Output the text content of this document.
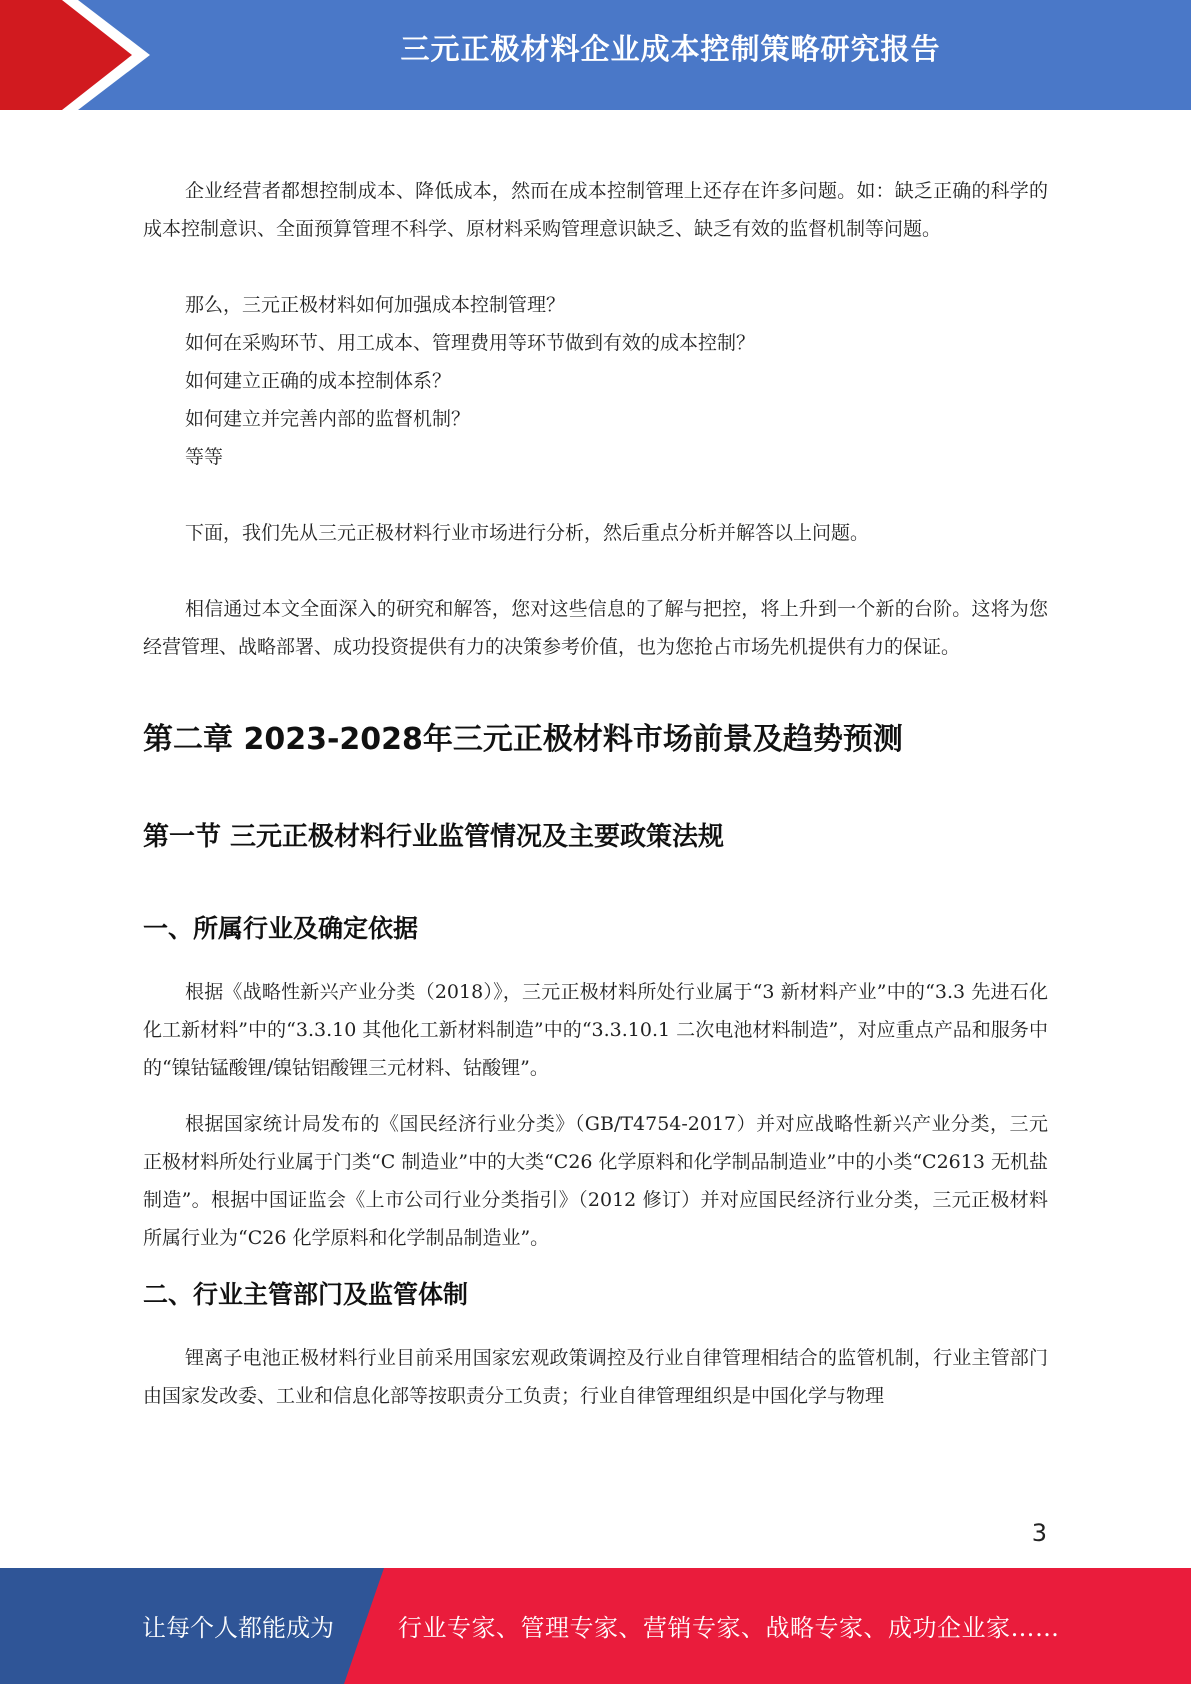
三元正极材料企业成本控制策略研究报告

企业经营者都想控制成本、降低成本，然而在成本控制管理上还存在许多问题。如：缺乏正确的科学的成本控制意识、全面预算管理不科学、原材料采购管理意识缺乏、缺乏有效的监督机制等问题。

那么，三元正极材料如何加强成本控制管理？

如何在采购环节、用工成本、管理费用等环节做到有效的成本控制？

如何建立正确的成本控制体系？

如何建立并完善内部的监督机制？

等等

下面，我们先从三元正极材料行业市场进行分析，然后重点分析并解答以上问题。

相信通过本文全面深入的研究和解答，您对这些信息的了解与把控，将上升到一个新的台阶。这将为您经营管理、战略部署、成功投资提供有力的决策参考价值，也为您抢占市场先机提供有力的保证。

第二章 2023-2028年三元正极材料市场前景及趋势预测
第一节 三元正极材料行业监管情况及主要政策法规
一、所属行业及确定依据

根据《战略性新兴产业分类（2018）》，三元正极材料所处行业属于“3 新材料产业”中的“3.3 先进石化化工新材料”中的“3.3.10 其他化工新材料制造”中的“3.3.10.1 二次电池材料制造”，对应重点产品和服务中的“镍钴锰酸锂/镍钴铝酸锂三元材料、钴酸锂”。

根据国家统计局发布的《国民经济行业分类》（GB/T4754-2017）并对应战略性新兴产业分类，三元正极材料所处行业属于门类“C 制造业”中的大类“C26 化学原料和化学制品制造业”中的小类“C2613 无机盐制造”。根据中国证监会《上市公司行业分类指引》（2012 修订）并对应国民经济行业分类，三元正极材料所属行业为“C26 化学原料和化学制品制造业”。

二、行业主管部门及监管体制

锂离子电池正极材料行业目前采用国家宏观政策调控及行业自律管理相结合的监管机制，行业主管部门由国家发改委、工业和信息化部等按职责分工负责；行业自律管理组织是中国化学与物理

3
让每个人都能成为	行业专家、管理专家、营销专家、战略专家、成功企业家……
